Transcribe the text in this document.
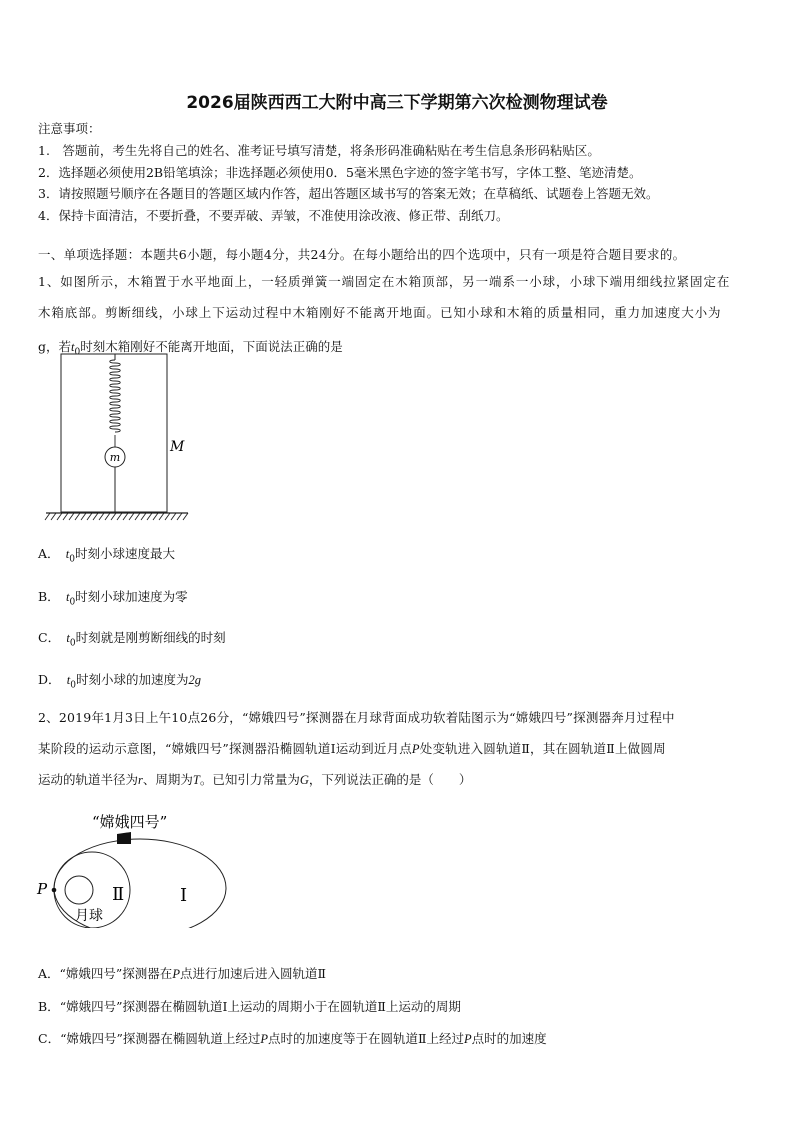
2026届陕西西工大附中高三下学期第六次检测物理试卷
注意事项：
1.　答题前，考生先将自己的姓名、准考证号填写清楚，将条形码准确粘贴在考生信息条形码粘贴区。
2．选择题必须使用2B铅笔填涂；非选择题必须使用0．5毫米黑色字迹的签字笔书写，字体工整、笔迹清楚。
3．请按照题号顺序在各题目的答题区域内作答，超出答题区域书写的答案无效；在草稿纸、试题卷上答题无效。
4．保持卡面清洁，不要折叠，不要弄破、弄皱，不准使用涂改液、修正带、刮纸刀。
一、单项选择题：本题共6小题，每小题4分，共24分。在每小题给出的四个选项中，只有一项是符合题目要求的。
1、如图所示，木箱置于水平地面上，一轻质弹簧一端固定在木箱顶部，另一端系一小球，小球下端用细线拉紧固定在
木箱底部。剪断细线，小球上下运动过程中木箱刚好不能离开地面。已知小球和木箱的质量相同，重力加速度大小为
g，若$t_0$时刻木箱刚好不能离开地面，下面说法正确的是
m
M
A．　 $t_0$时刻小球速度最大
B．　 $t_0$时刻小球加速度为零
C．　 $t_0$时刻就是刚剪断细线的时刻
D．　 $t_0$时刻小球的加速度为2g
2、2019年1月3日上午10点26分，“嫦娥四号”探测器在月球背面成功软着陆图示为“嫦娥四号”探测器奔月过程中
某阶段的运动示意图，“嫦娥四号”探测器沿椭圆轨道Ⅰ运动到近月点P处变轨进入圆轨道Ⅱ，其在圆轨道Ⅱ上做圆周
运动的轨道半径为r、周期为T。已知引力常量为G，下列说法正确的是（　　）
“嫦娥四号”
P	Ⅱ	Ⅰ
月球
A．“嫦娥四号”探测器在P点进行加速后进入圆轨道Ⅱ
B．“嫦娥四号”探测器在椭圆轨道Ⅰ上运动的周期小于在圆轨道Ⅱ上运动的周期
C．“嫦娥四号”探测器在椭圆轨道上经过P点时的加速度等于在圆轨道Ⅱ上经过P点时的加速度
